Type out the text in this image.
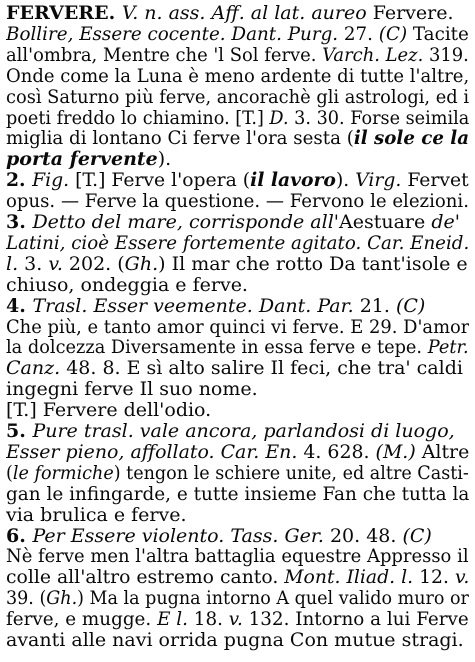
FERVERE. V. n. ass. Aff. al lat. aureo Fervere.
Bollire, Essere cocente. Dant. Purg. 27. (C) Tacite
all'ombra, Mentre che 'l Sol ferve. Varch. Lez. 319.
Onde come la Luna è meno ardente di tutte l'altre,
così Saturno più ferve, ancorachè gli astrologi, ed i
poeti freddo lo chiamino. [T.] D. 3. 30. Forse seimila
miglia di lontano Ci ferve l'ora sesta (il sole ce la
porta fervente).
2. Fig. [T.] Ferve l'opera (il lavoro). Virg. Fervet
opus. — Ferve la questione. — Fervono le elezioni.
3. Detto del mare, corrisponde all'Aestuare de'
Latini, cioè Essere fortemente agitato. Car. Eneid.
l. 3. v. 202. (Gh.) Il mar che rotto Da tant'isole e
chiuso, ondeggia e ferve.
4. Trasl. Esser veemente. Dant. Par. 21. (C)
Che più, e tanto amor quinci vi ferve. E 29. D'amor
la dolcezza Diversamente in essa ferve e tepe. Petr.
Canz. 48. 8. E sì alto salire Il feci, che tra' caldi
ingegni ferve Il suo nome.
[T.] Fervere dell'odio.
5. Pure trasl. vale ancora, parlandosi di luogo,
Esser pieno, affollato. Car. En. 4. 628. (M.) Altre
(le formiche) tengon le schiere unite, ed altre Casti-
gan le infingarde, e tutte insieme Fan che tutta la
via brulica e ferve.
6. Per Essere violento. Tass. Ger. 20. 48. (C)
Nè ferve men l'altra battaglia equestre Appresso il
colle all'altro estremo canto. Mont. Iliad. l. 12. v.
39. (Gh.) Ma la pugna intorno A quel valido muro or
ferve, e mugge. E l. 18. v. 132. Intorno a lui Ferve
avanti alle navi orrida pugna Con mutue stragi.
